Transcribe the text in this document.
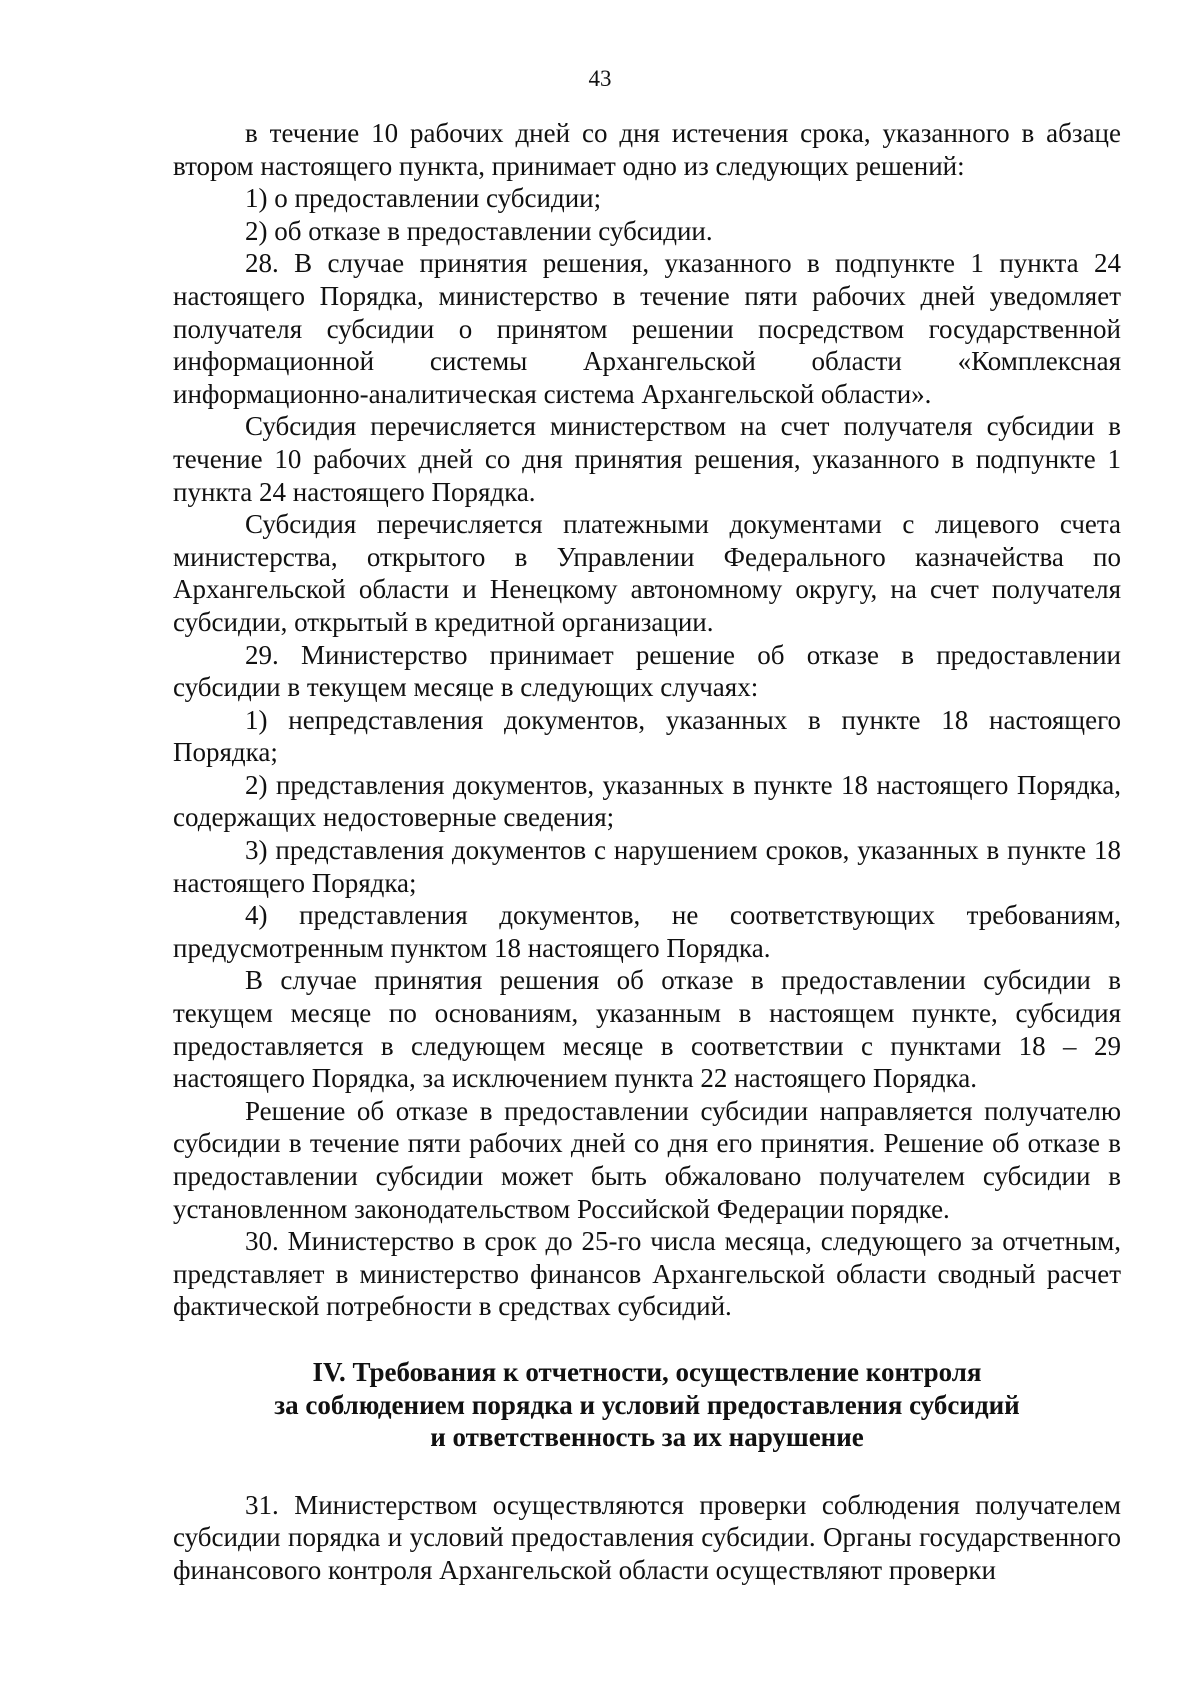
43

в течение 10 рабочих дней со дня истечения срока, указанного в абзаце втором настоящего пункта, принимает одно из следующих решений:

1) о предоставлении субсидии;

2) об отказе в предоставлении субсидии.

28. В случае принятия решения, указанного в подпункте 1 пункта 24 настоящего Порядка, министерство в течение пяти рабочих дней уведомляет получателя субсидии о принятом решении посредством государственной информационной системы Архангельской области «Комплексная информационно-аналитическая система Архангельской области».

Субсидия перечисляется министерством на счет получателя субсидии в течение 10 рабочих дней со дня принятия решения, указанного в подпункте 1 пункта 24 настоящего Порядка.

Субсидия перечисляется платежными документами с лицевого счета министерства, открытого в Управлении Федерального казначейства по Архангельской области и Ненецкому автономному округу, на счет получателя субсидии, открытый в кредитной организации.

29. Министерство принимает решение об отказе в предоставлении субсидии в текущем месяце в следующих случаях:

1) непредставления документов, указанных в пункте 18 настоящего Порядка;

2) представления документов, указанных в пункте 18 настоящего Порядка, содержащих недостоверные сведения;

3) представления документов с нарушением сроков, указанных в пункте 18 настоящего Порядка;

4) представления документов, не соответствующих требованиям, предусмотренным пунктом 18 настоящего Порядка.

В случае принятия решения об отказе в предоставлении субсидии в текущем месяце по основаниям, указанным в настоящем пункте, субсидия предоставляется в следующем месяце в соответствии с пунктами 18 – 29 настоящего Порядка, за исключением пункта 22 настоящего Порядка.

Решение об отказе в предоставлении субсидии направляется получателю субсидии в течение пяти рабочих дней со дня его принятия. Решение об отказе в предоставлении субсидии может быть обжаловано получателем субсидии в установленном законодательством Российской Федерации порядке.

30. Министерство в срок до 25-го числа месяца, следующего за отчетным, представляет в министерство финансов Архангельской области сводный расчет фактической потребности в средствах субсидий.

IV. Требования к отчетности, осуществление контроля
за соблюдением порядка и условий предоставления субсидий
и ответственность за их нарушение

31. Министерством осуществляются проверки соблюдения получателем субсидии порядка и условий предоставления субсидии. Органы государственного финансового контроля Архангельской области осуществляют проверки
